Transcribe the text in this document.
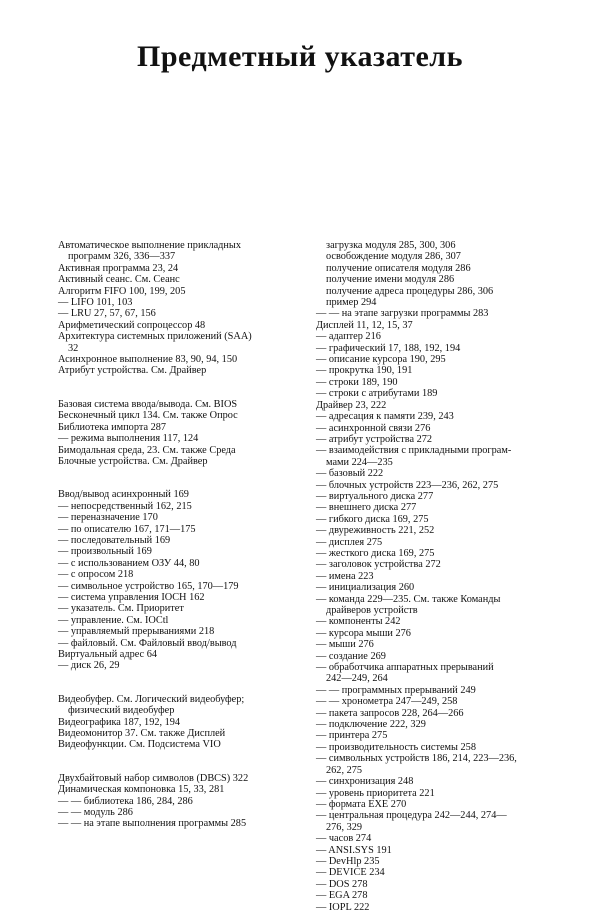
Предметный указатель
Автоматическое выполнение прикладных
программ 326, 336—337
Активная программа 23, 24
Активный сеанс. См. Сеанс
Алгоритм FIFO 100, 199, 205
— LIFO 101, 103
— LRU 27, 57, 67, 156
Арифметический сопроцессор 48
Архитектура системных приложений (SAA)
32
Асинхронное выполнение 83, 90, 94, 150
Атрибут устройства. См. Драйвер
Базовая система ввода/вывода. См. BIOS
Бесконечный цикл 134. См. также Опрос
Библиотека импорта 287
— режима выполнения 117, 124
Бимодальная среда, 23. См. также Среда
Блочные устройства. См. Драйвер
Ввод/вывод асинхронный 169
— непосредственный 162, 215
— переназначение 170
— по описателю 167, 171—175
— последовательный 169
— произвольный 169
— с использованием ОЗУ 44, 80
— с опросом 218
— символьное устройство 165, 170—179
— система управления IOCH 162
— указатель. См. Приоритет
— управление. См. IOCtl
— управляемый прерываниями 218
— файловый. См. Файловый ввод/вывод
Виртуальный адрес 64
— диск 26, 29
Видеобуфер. См. Логический видеобуфер;
физический видеобуфер
Видеографика 187, 192, 194
Видеомонитор 37. См. также Дисплей
Видеофункции. См. Подсистема VIO
Двухбайтовый набор символов (DBCS) 322
Динамическая компоновка 15, 33, 281
— — библиотека 186, 284, 286
— — модуль 286
— — на этапе выполнения программы 285
загрузка модуля 285, 300, 306
освобождение модуля 286, 307
получение описателя модуля 286
получение имени модуля 286
получение адреса процедуры 286, 306
пример 294
— — на этапе загрузки программы 283
Дисплей 11, 12, 15, 37
— адаптер 216
— графический 17, 188, 192, 194
— описание курсора 190, 295
— прокрутка 190, 191
— строки 189, 190
— строки с атрибутами 189
Драйвер 23, 222
— адресация к памяти 239, 243
— асинхронной связи 276
— атрибут устройства 272
— взаимодействия с прикладными програм-
мами 224—235
— базовый 222
— блочных устройств 223—236, 262, 275
— виртуального диска 277
— внешнего диска 277
— гибкого диска 169, 275
— двуреживность 221, 252
— дисплея 275
— жесткого диска 169, 275
— заголовок устройства 272
— имена 223
— инициализация 260
— команда 229—235. См. также Команды
драйверов устройств
— компоненты 242
— курсора мыши 276
— мыши 276
— создание 269
— обработчика аппаратных прерываний
242—249, 264
— — программных прерываний 249
— — хронометра 247—249, 258
— пакета запросов 228, 264—266
— подключение 222, 329
— принтера 275
— производительность системы 258
— символьных устройств 186, 214, 223—236,
262, 275
— синхронизация 248
— уровень приоритета 221
— формата EXE 270
— центральная процедура 242—244, 274—
276, 329
— часов 274
— ANSI.SYS 191
— DevHlp 235
— DEVICE 234
— DOS 278
— EGA 278
— IOPL 222
